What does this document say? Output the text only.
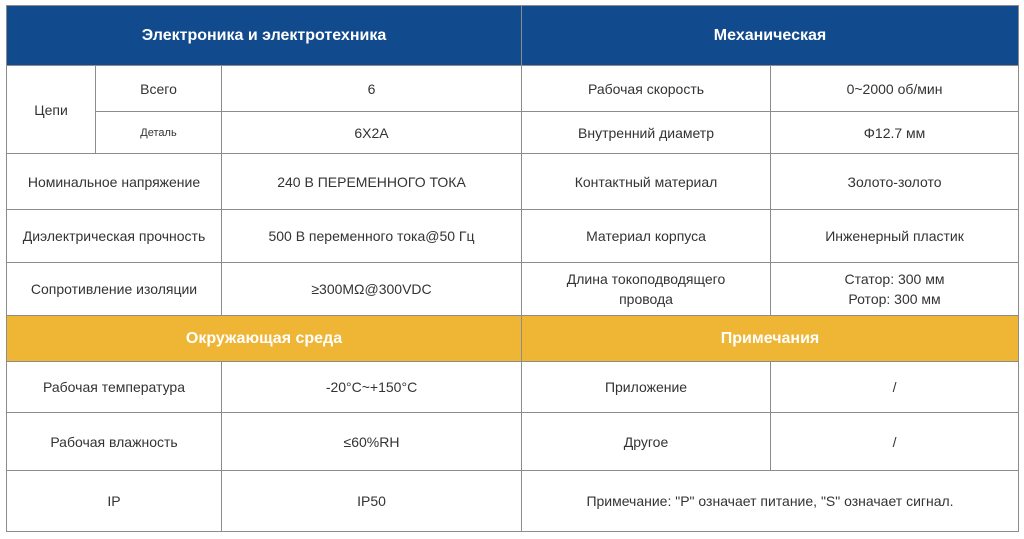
Электроника и электротехника			Механическая	
Цепи	Всего	6	Рабочая скорость	0~2000 об/мин
	Деталь	6X2A	Внутренний диаметр	Φ12.7 мм
Номинальное напряжение		240 В ПЕРЕМЕННОГО ТОКА	Контактный материал	Золото-золото
Диэлектрическая прочность		500 В переменного тока@50 Гц	Материал корпуса	Инженерный пластик
Сопротивление изоляции		≥300MΩ@300VDC	Длина токоподводящего провода	Статор: 300 мм
Ротор: 300 мм

Окружающая среда			Примечания	
Рабочая температура		-20°C~+150°C	Приложение	/
Рабочая влажность		≤60%RH	Другое	/
IP		IP50	Примечание: "P" означает питание, "S" означает сигнал.	
